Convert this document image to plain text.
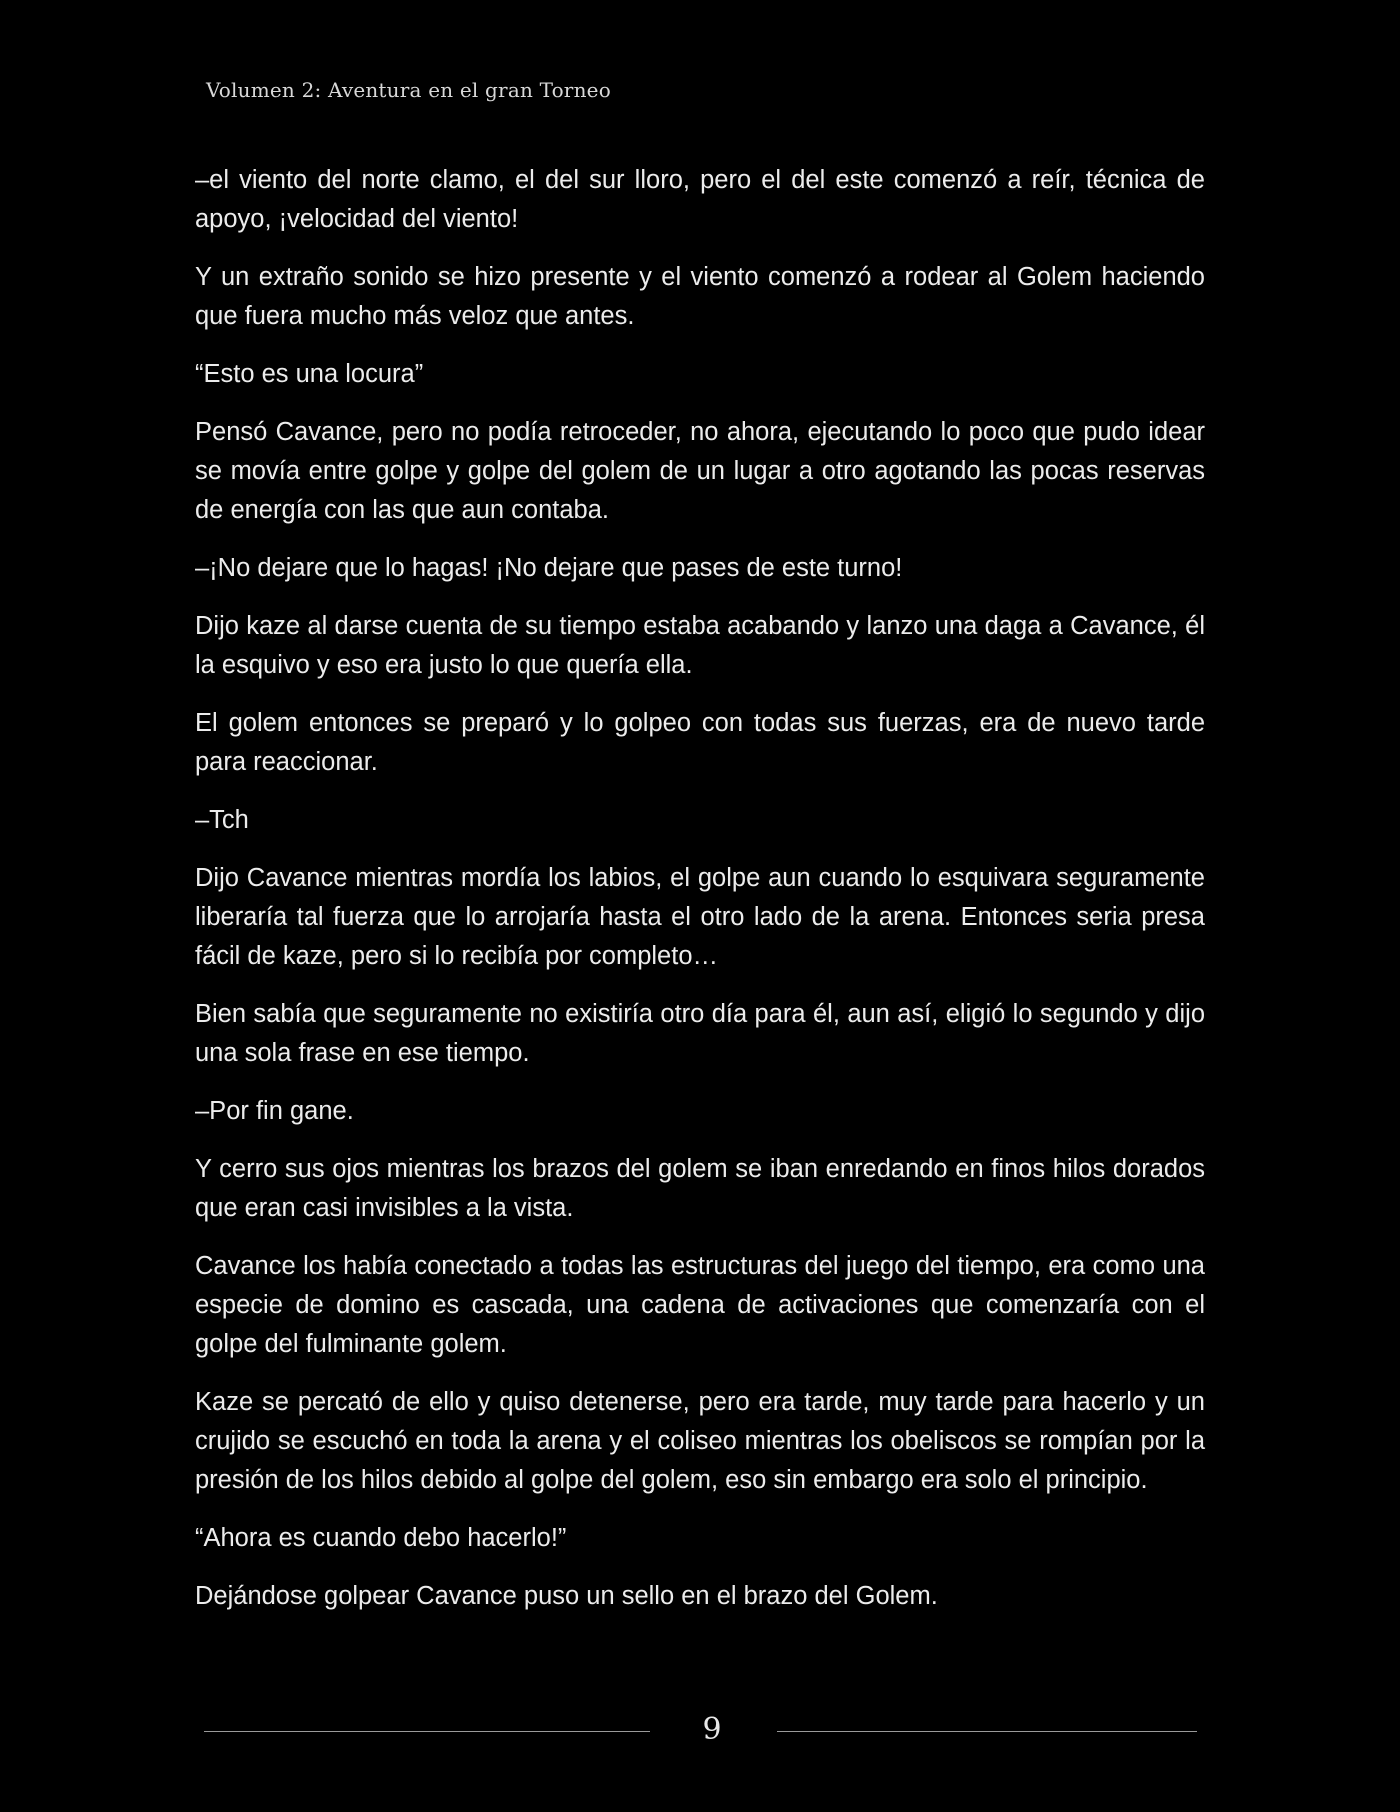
Volumen 2: Aventura en el gran Torneo

–el viento del norte clamo, el del sur lloro, pero el del este comenzó a reír, técnica de apoyo, ¡velocidad del viento!

Y un extraño sonido se hizo presente y el viento comenzó a rodear al Golem haciendo que fuera mucho más veloz que antes.

“Esto es una locura”

Pensó Cavance, pero no podía retroceder, no ahora, ejecutando lo poco que pudo idear se movía entre golpe y golpe del golem de un lugar a otro agotando las pocas reservas de energía con las que aun contaba.

–¡No dejare que lo hagas! ¡No dejare que pases de este turno!

Dijo kaze al darse cuenta de su tiempo estaba acabando y lanzo una daga a Cavance, él la esquivo y eso era justo lo que quería ella.

El golem entonces se preparó y lo golpeo con todas sus fuerzas, era de nuevo tarde para reaccionar.

–Tch

Dijo Cavance mientras mordía los labios, el golpe aun cuando lo esquivara seguramente liberaría tal fuerza que lo arrojaría hasta el otro lado de la arena. Entonces seria presa fácil de kaze, pero si lo recibía por completo…

Bien sabía que seguramente no existiría otro día para él, aun así, eligió lo segundo y dijo una sola frase en ese tiempo.

–Por fin gane.

Y cerro sus ojos mientras los brazos del golem se iban enredando en finos hilos dorados que eran casi invisibles a la vista.

Cavance los había conectado a todas las estructuras del juego del tiempo, era como una especie de domino es cascada, una cadena de activaciones que comenzaría con el golpe del fulminante golem.

Kaze se percató de ello y quiso detenerse, pero era tarde, muy tarde para hacerlo y un crujido se escuchó en toda la arena y el coliseo mientras los obeliscos se rompían por la presión de los hilos debido al golpe del golem, eso sin embargo era solo el principio.

“Ahora es cuando debo hacerlo!”

Dejándose golpear Cavance puso un sello en el brazo del Golem.

9
